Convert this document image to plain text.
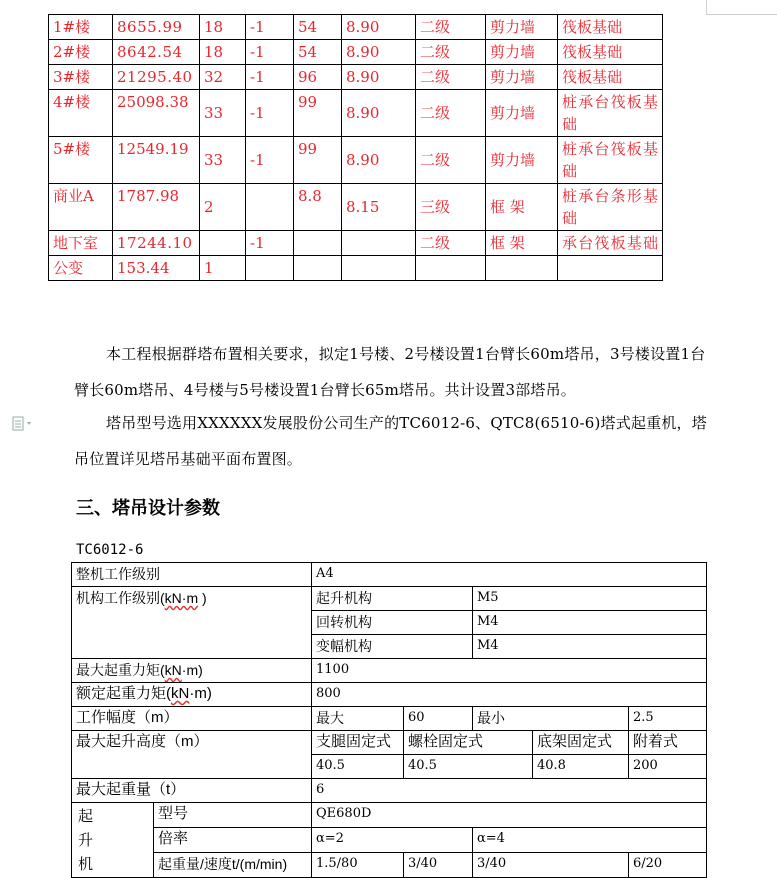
1#楼	8655.99	18	-1	54	8.90	二级	剪力墙	筏板基础
2#楼	8642.54	18	-1	54	8.90	二级	剪力墙	筏板基础
3#楼	21295.40	32	-1	96	8.90	二级	剪力墙	筏板基础
4#楼	25098.38	33	-1	99	8.90	二级	剪力墙	桩承台筏板基础
5#楼	12549.19	33	-1	99	8.90	二级	剪力墙	桩承台筏板基础
商业A	1787.98	2		8.8	8.15	三级	框 架	桩承台条形基础
地下室	17244.10		-1			二级	框 架	承台筏板基础
公变	153.44	1						
本工程根据群塔布置相关要求，拟定1号楼、2号楼设置1台臂长60m塔吊，3号楼设置1台臂长60m塔吊、4号楼与5号楼设置1台臂长65m塔吊。共计设置3部塔吊。
塔吊型号选用XXXXXX发展股份公司生产的TC6012-6、QTC8(6510-6)塔式起重机，塔吊位置详见塔吊基础平面布置图。
三、塔吊设计参数
TC6012-6
整机工作级别		A4				
机构工作级别(kN·m )		起升机构		M5		
		回转机构		M4		
		变幅机构		M4		
最大起重力矩(kN·m)		1100				
额定起重力矩(kN·m)		800				
工作幅度（m）		最大	60	最小		2.5
最大起升高度（m）		支腿固定式	螺栓固定式		底架固定式	附着式
		40.5	40.5		40.8	200
最大起重量（t）		6				
起
升
机	型号	QE680D				
	倍率	α=2		α=4		
	起重量/速度t/(m/min)	1.5/80	3/40	3/40		6/20
